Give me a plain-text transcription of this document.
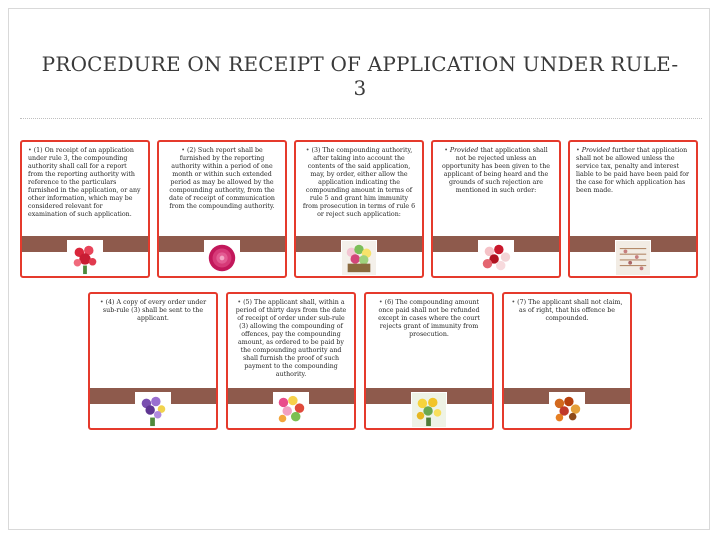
PROCEDURE ON RECEIPT OF APPLICATION UNDER RULE-3
• (1) On receipt of an application under rule 3, the compounding authority shall call for a report from the reporting authority with reference to the particulars furnished in the application, or any other information, which may be considered relevant for examination of such application.
• (2) Such report shall be furnished by the reporting authority within a period of one month or within such extended period as may be allowed by the compounding authority, from the date of receipt of communication from the compounding authority.
• (3) The compounding authority, after taking into account the contents of the said application, may, by order, either allow the application indicating the compounding amount in terms of rule 5 and grant him immunity from prosecution in terms of rule 6 or reject such application:
• Provided that application shall not be rejected unless an opportunity has been given to the applicant of being heard and the grounds of such rejection are mentioned in such order:
• Provided further that application shall not be allowed unless the service tax, penalty and interest liable to be paid have been paid for the case for which application has been made.
• (4) A copy of every order under sub-rule (3) shall be sent to the applicant.
• (5) The applicant shall, within a period of thirty days from the date of receipt of order under sub-rule (3) allowing the compounding of offences, pay the compounding amount, as ordered to be paid by the compounding authority and shall furnish the proof of such payment to the compounding authority.
• (6) The compounding amount once paid shall not be refunded except in cases where the court rejects grant of immunity from prosecution.
• (7) The applicant shall not claim, as of right, that his offence be compounded.
